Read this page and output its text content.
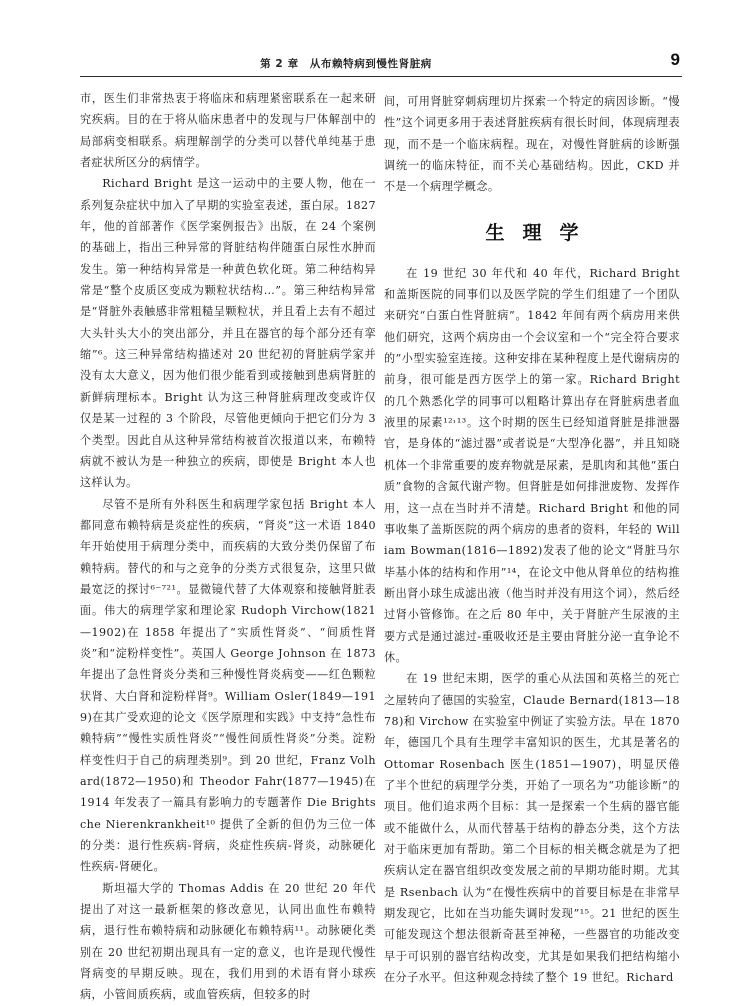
第 2 章　从布赖特病到慢性肾脏病	9

市，医生们非常热衷于将临床和病理紧密联系在一起来研究疾病。目的在于将从临床患者中的发现与尸体解剖中的局部病变相联系。病理解剖学的分类可以替代单纯基于患者症状所区分的病情学。

Richard Bright 是这一运动中的主要人物，他在一系列复杂症状中加入了早期的实验室表述，蛋白尿。1827 年，他的首部著作《医学案例报告》出版，在 24 个案例的基础上，指出三种异常的肾脏结构伴随蛋白尿性水肿而发生。第一种结构异常是一种黄色软化斑。第二种结构异常是“整个皮质区变成为颗粒状结构…”。第三种结构异常是“肾脏外表触感非常粗糙呈颗粒状，并且看上去有不超过大头针头大小的突出部分，并且在器官的每个部分还有挛缩”⁶。这三种异常结构描述对 20 世纪初的肾脏病学家并没有太大意义，因为他们很少能看到或接触到患病肾脏的新鲜病理标本。Bright 认为这三种肾脏病理改变或许仅仅是某一过程的 3 个阶段，尽管他更倾向于把它们分为 3 个类型。因此自从这种异常结构被首次报道以来，布赖特病就不被认为是一种独立的疾病，即使是 Bright 本人也这样认为。

尽管不是所有外科医生和病理学家包括 Bright 本人都同意布赖特病是炎症性的疾病，“肾炎”这一术语 1840 年开始使用于病理分类中，而疾病的大致分类仍保留了布赖特病。替代的和与之竞争的分类方式很复杂，这里只做最宽泛的探讨⁶⁻⁷²¹。显微镜代替了大体观察和接触肾脏表面。伟大的病理学家和理论家 Rudoph Virchow(1821—1902)在 1858 年提出了“实质性肾炎”、“间质性肾炎”和“淀粉样变性”。英国人 George Johnson 在 1873 年提出了急性肾炎分类和三种慢性肾炎病变——红色颗粒状肾、大白肾和淀粉样肾⁹。William Osler(1849—1919)在其广受欢迎的论文《医学原理和实践》中支持“急性布赖特病”“慢性实质性肾炎”“慢性间质性肾炎”分类。淀粉样变性归于自己的病理类别⁹。到 20 世纪，Franz Volhard(1872—1950)和 Theodor Fahr(1877—1945)在 1914 年发表了一篇具有影响力的专题著作 Die Brightsche Nierenkrankheit¹⁰ 提供了全新的但仍为三位一体的分类：退行性疾病-肾病，炎症性疾病-肾炎，动脉硬化性疾病-肾硬化。

斯坦福大学的 Thomas Addis 在 20 世纪 20 年代提出了对这一最新框架的修改意见，认同出血性布赖特病，退行性布赖特病和动脉硬化布赖特病¹¹。动脉硬化类别在 20 世纪初期出现具有一定的意义，也许是现代慢性肾病变的早期反映。现在，我们用到的术语有肾小球疾病，小管间质疾病，或血管疾病，但较多的时

间，可用肾脏穿刺病理切片探索一个特定的病因诊断。“慢性”这个词更多用于表述肾脏疾病有很长时间，体现病理表现，而不是一个临床病程。现在，对慢性肾脏病的诊断强调统一的临床特征，而不关心基础结构。因此，CKD 并不是一个病理学概念。

生理学

在 19 世纪 30 年代和 40 年代，Richard Bright 和盖斯医院的同事们以及医学院的学生们组建了一个团队来研究“白蛋白性肾脏病”。1842 年间有两个病房用来供他们研究，这两个病房由一个会议室和一个“完全符合要求的”小型实验室连接。这种安排在某种程度上是代谢病房的前身，很可能是西方医学上的第一家。Richard Bright 的几个熟悉化学的同事可以粗略计算出存在肾脏病患者血液里的尿素¹²˒¹³。这个时期的医生已经知道肾脏是排泄器官，是身体的“滤过器”或者说是“大型净化器”，并且知晓机体一个非常重要的废弃物就是尿素，是肌肉和其他“蛋白质”食物的含氮代谢产物。但肾脏是如何排泄废物、发挥作用，这一点在当时并不清楚。Richard Bright 和他的同事收集了盖斯医院的两个病房的患者的资料，年轻的 William Bowman(1816—1892)发表了他的论文“肾脏马尔毕基小体的结构和作用”¹⁴，在论文中他从肾单位的结构推断出肾小球生成滤出液（他当时并没有用这个词），然后经过肾小管修饰。在之后 80 年中，关于肾脏产生尿液的主要方式是通过滤过-重吸收还是主要由肾脏分泌一直争论不休。

在 19 世纪末期，医学的重心从法国和英格兰的死亡之屋转向了德国的实验室，Claude Bernard(1813—1878)和 Virchow 在实验室中例证了实验方法。早在 1870 年，德国几个具有生理学丰富知识的医生，尤其是著名的 Ottomar Rosenbach 医生(1851—1907)，明显厌倦了半个世纪的病理学分类，开始了一项名为“功能诊断”的项目。他们追求两个目标：其一是探索一个生病的器官能或不能做什么，从而代替基于结构的静态分类，这个方法对于临床更加有帮助。第二个目标的相关概念就是为了把疾病认定在器官组织改变发展之前的早期功能时期。尤其是 Rsenbach 认为“在慢性疾病中的首要目标是在非常早期发现它，比如在当功能失调时发现”¹⁵。21 世纪的医生可能发现这个想法很新奇甚至神秘，一些器官的功能改变早于可识别的器官结构改变，尤其是如果我们把结构缩小在分子水平。但这种观念持续了整个 19 世纪。Richard
